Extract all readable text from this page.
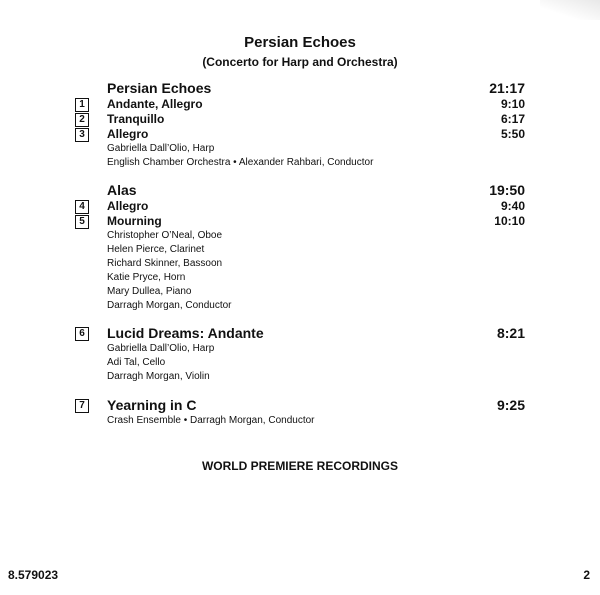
Persian Echoes
(Concerto for Harp and Orchestra)
Persian Echoes	21:17
1	Andante, Allegro	9:10
2	Tranquillo	6:17
3	Allegro	5:50
Gabriella Dall’Olio, Harp
English Chamber Orchestra • Alexander Rahbari, Conductor
Alas	19:50
4	Allegro	9:40
5	Mourning	10:10
Christopher O’Neal, Oboe
Helen Pierce, Clarinet
Richard Skinner, Bassoon
Katie Pryce, Horn
Mary Dullea, Piano
Darragh Morgan, Conductor
6	Lucid Dreams: Andante	8:21
Gabriella Dall’Olio, Harp
Adi Tal, Cello
Darragh Morgan, Violin
7	Yearning in C	9:25
Crash Ensemble • Darragh Morgan, Conductor
WORLD PREMIERE RECORDINGS
8.579023	2
